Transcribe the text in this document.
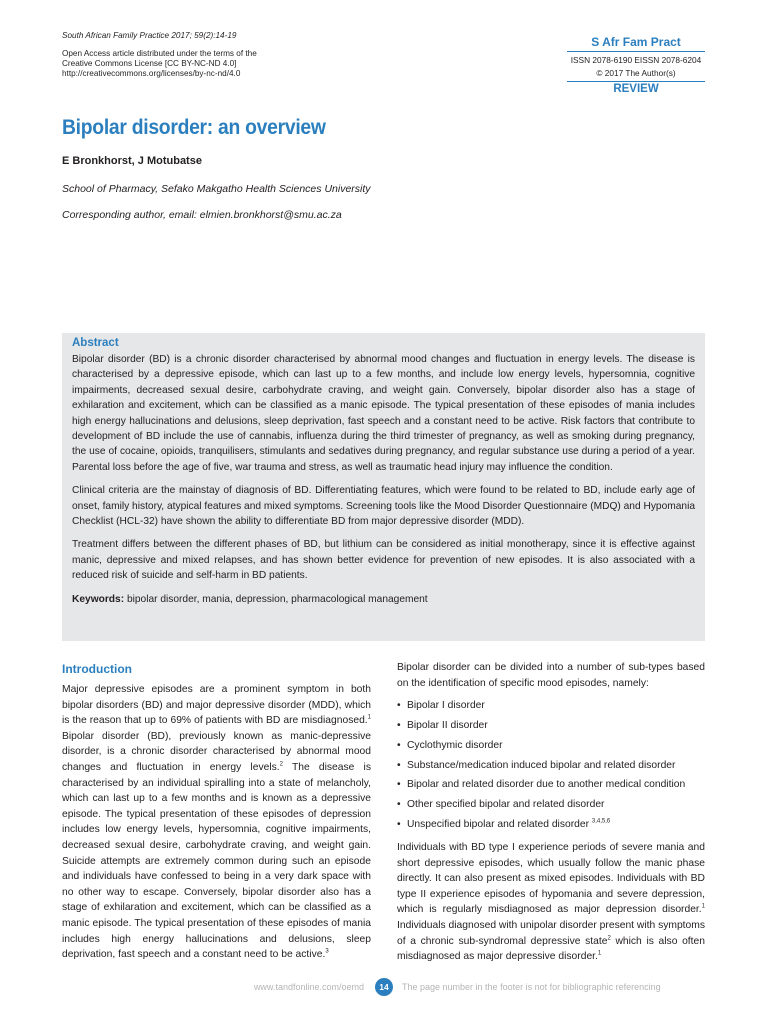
South African Family Practice 2017; 59(2):14-19
Open Access article distributed under the terms of the
Creative Commons License [CC BY-NC-ND 4.0]
http://creativecommons.org/licenses/by-nc-nd/4.0
S Afr Fam Pract
ISSN 2078-6190 EISSN 2078-6204
© 2017 The Author(s)
REVIEW
Bipolar disorder: an overview
E Bronkhorst, J Motubatse
School of Pharmacy, Sefako Makgatho Health Sciences University
Corresponding author, email: elmien.bronkhorst@smu.ac.za
Abstract

Bipolar disorder (BD) is a chronic disorder characterised by abnormal mood changes and fluctuation in energy levels. The disease is characterised by a depressive episode, which can last up to a few months, and include low energy levels, hypersomnia, cognitive impairments, decreased sexual desire, carbohydrate craving, and weight gain. Conversely, bipolar disorder also has a stage of exhilaration and excitement, which can be classified as a manic episode. The typical presentation of these episodes of mania includes high energy hallucinations and delusions, sleep deprivation, fast speech and a constant need to be active. Risk factors that contribute to development of BD include the use of cannabis, influenza during the third trimester of pregnancy, as well as smoking during pregnancy, the use of cocaine, opioids, tranquilisers, stimulants and sedatives during pregnancy, and regular substance use during a period of a year. Parental loss before the age of five, war trauma and stress, as well as traumatic head injury may influence the condition.

Clinical criteria are the mainstay of diagnosis of BD. Differentiating features, which were found to be related to BD, include early age of onset, family history, atypical features and mixed symptoms. Screening tools like the Mood Disorder Questionnaire (MDQ) and Hypomania Checklist (HCL-32) have shown the ability to differentiate BD from major depressive disorder (MDD).

Treatment differs between the different phases of BD, but lithium can be considered as initial monotherapy, since it is effective against manic, depressive and mixed relapses, and has shown better evidence for prevention of new episodes. It is also associated with a reduced risk of suicide and self-harm in BD patients.

Keywords: bipolar disorder, mania, depression, pharmacological management

Introduction

Major depressive episodes are a prominent symptom in both bipolar disorders (BD) and major depressive disorder (MDD), which is the reason that up to 69% of patients with BD are misdiagnosed.$^1$ Bipolar disorder (BD), previously known as manic-depressive disorder, is a chronic disorder characterised by abnormal mood changes and fluctuation in energy levels.$^2$ The disease is characterised by an individual spiralling into a state of melancholy, which can last up to a few months and is known as a depressive episode. The typical presentation of these episodes of depression includes low energy levels, hypersomnia, cognitive impairments, decreased sexual desire, carbohydrate craving, and weight gain. Suicide attempts are extremely common during such an episode and individuals have confessed to being in a very dark space with no other way to escape. Conversely, bipolar disorder also has a stage of exhilaration and excitement, which can be classified as a manic episode. The typical presentation of these episodes of mania includes high energy hallucinations and delusions, sleep deprivation, fast speech and a constant need to be active.$^3$

Bipolar disorder can be divided into a number of sub-types based on the identification of specific mood episodes, namely:

• Bipolar I disorder
• Bipolar II disorder
• Cyclothymic disorder
• Substance/medication induced bipolar and related disorder
• Bipolar and related disorder due to another medical condition
• Other specified bipolar and related disorder
• Unspecified bipolar and related disorder $^{3,4,5,6}$

Individuals with BD type I experience periods of severe mania and short depressive episodes, which usually follow the manic phase directly. It can also present as mixed episodes. Individuals with BD type II experience episodes of hypomania and severe depression, which is regularly misdiagnosed as major depression disorder.$^1$ Individuals diagnosed with unipolar disorder present with symptoms of a chronic sub-syndromal depressive state$^2$ which is also often misdiagnosed as major depressive disorder.$^1$

www.tandfonline.com/oemd	14	The page number in the footer is not for bibliographic referencing
